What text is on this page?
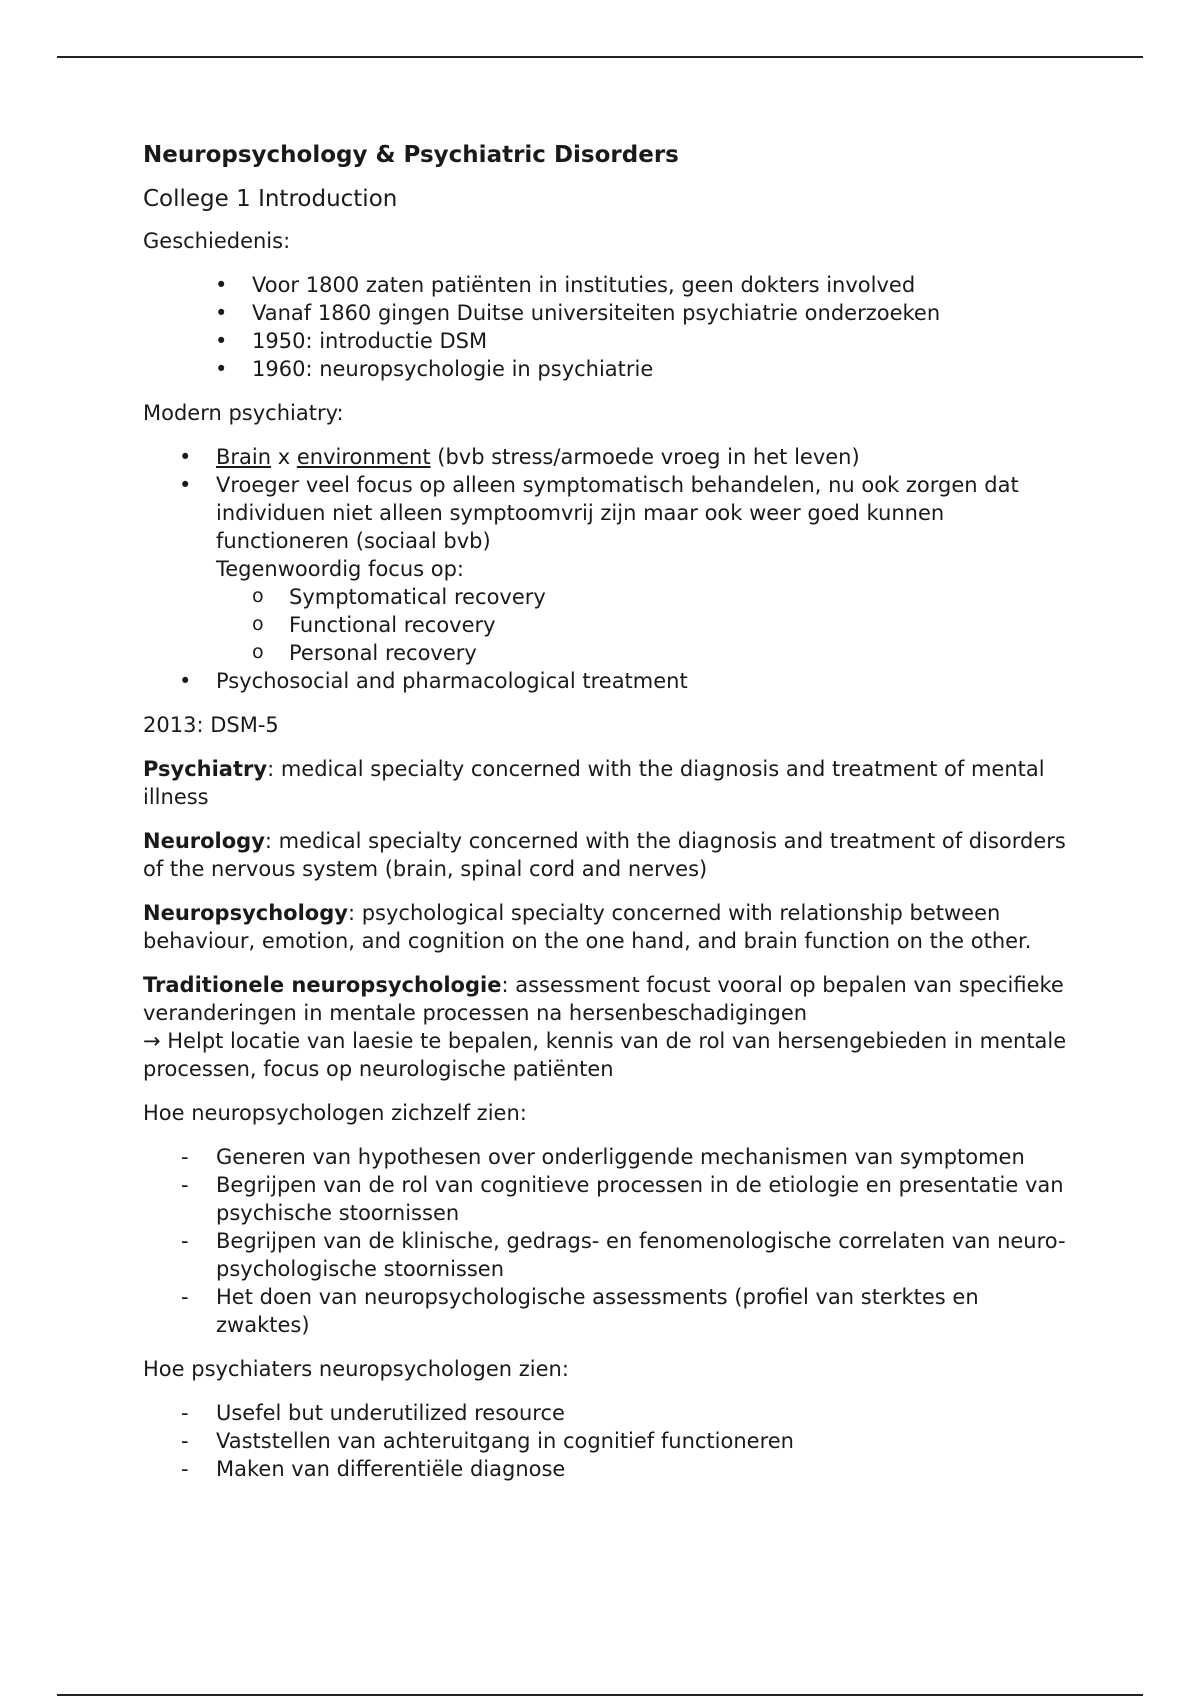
Neuropsychology & Psychiatric Disorders
College 1 Introduction

Geschiedenis:

• Voor 1800 zaten patiënten in instituties, geen dokters involved
• Vanaf 1860 gingen Duitse universiteiten psychiatrie onderzoeken
• 1950: introductie DSM
• 1960: neuropsychologie in psychiatrie

Modern psychiatry:

• Brain x environment (bvb stress/armoede vroeg in het leven)
• Vroeger veel focus op alleen symptomatisch behandelen, nu ook zorgen dat individuen niet alleen symptoomvrij zijn maar ook weer goed kunnen functioneren (sociaal bvb)
Tegenwoordig focus op:
o Symptomatical recovery
o Functional recovery
o Personal recovery
• Psychosocial and pharmacological treatment

2013: DSM-5

Psychiatry: medical specialty concerned with the diagnosis and treatment of mental illness

Neurology: medical specialty concerned with the diagnosis and treatment of disorders of the nervous system (brain, spinal cord and nerves)

Neuropsychology: psychological specialty concerned with relationship between behaviour, emotion, and cognition on the one hand, and brain function on the other.

Traditionele neuropsychologie: assessment focust vooral op bepalen van specifieke veranderingen in mentale processen na hersenbeschadigingen
→ Helpt locatie van laesie te bepalen, kennis van de rol van hersengebieden in mentale processen, focus op neurologische patiënten

Hoe neuropsychologen zichzelf zien:

- Generen van hypothesen over onderliggende mechanismen van symptomen
- Begrijpen van de rol van cognitieve processen in de etiologie en presentatie van psychische stoornissen
- Begrijpen van de klinische, gedrags- en fenomenologische correlaten van neuro-psychologische stoornissen
- Het doen van neuropsychologische assessments (profiel van sterktes en zwaktes)

Hoe psychiaters neuropsychologen zien:

- Usefel but underutilized resource
- Vaststellen van achteruitgang in cognitief functioneren
- Maken van differentiële diagnose
